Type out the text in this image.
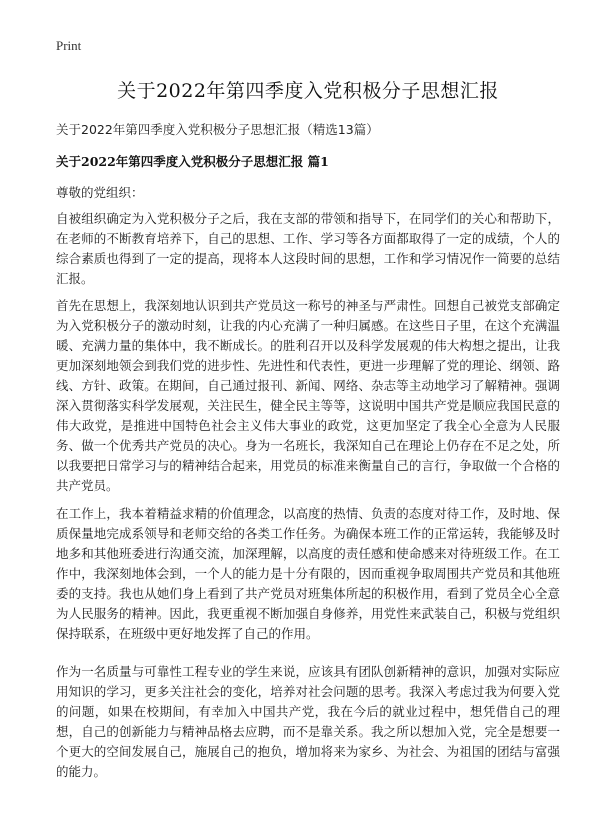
Print
关于2022年第四季度入党积极分子思想汇报

关于2022年第四季度入党积极分子思想汇报（精选13篇）

关于2022年第四季度入党积极分子思想汇报 篇1

尊敬的党组织：

自被组织确定为入党积极分子之后，我在支部的带领和指导下，在同学们的关心和帮助下，在老师的不断教育培养下，自己的思想、工作、学习等各方面都取得了一定的成绩，个人的综合素质也得到了一定的提高，现将本人这段时间的思想，工作和学习情况作一简要的总结汇报。

首先在思想上，我深刻地认识到共产党员这一称号的神圣与严肃性。回想自己被党支部确定为入党积极分子的激动时刻，让我的内心充满了一种归属感。在这些日子里，在这个充满温暖、充满力量的集体中，我不断成长。的胜利召开以及科学发展观的伟大构想之提出，让我更加深刻地领会到我们党的进步性、先进性和代表性，更进一步理解了党的理论、纲领、路线、方针、政策。在期间，自己通过报刊、新闻、网络、杂志等主动地学习了解精神。强调深入贯彻落实科学发展观，关注民生，健全民主等等，这说明中国共产党是顺应我国民意的伟大政党，是推进中国特色社会主义伟大事业的政党，这更加坚定了我全心全意为人民服务、做一个优秀共产党员的决心。身为一名班长，我深知自己在理论上仍存在不足之处，所以我要把日常学习与的精神结合起来，用党员的标准来衡量自己的言行，争取做一个合格的共产党员。

在工作上，我本着精益求精的价值理念，以高度的热情、负责的态度对待工作，及时地、保质保量地完成系领导和老师交给的各类工作任务。为确保本班工作的正常运转，我能够及时地多和其他班委进行沟通交流，加深理解，以高度的责任感和使命感来对待班级工作。在工作中，我深刻地体会到，一个人的能力是十分有限的，因而重视争取周围共产党员和其他班委的支持。我也从她们身上看到了共产党员对班集体所起的积极作用，看到了党员全心全意为人民服务的精神。因此，我更重视不断加强自身修养，用党性来武装自己，积极与党组织保持联系，在班级中更好地发挥了自己的作用。

作为一名质量与可靠性工程专业的学生来说，应该具有团队创新精神的意识，加强对实际应用知识的学习，更多关注社会的变化，培养对社会问题的思考。我深入考虑过我为何要入党的问题，如果在校期间，有幸加入中国共产党，我在今后的就业过程中，想凭借自己的理想，自己的创新能力与精神品格去应聘，而不是靠关系。我之所以想加入党，完全是想要一个更大的空间发展自己，施展自己的抱负，增加将来为家乡、为社会、为祖国的团结与富强的能力。
